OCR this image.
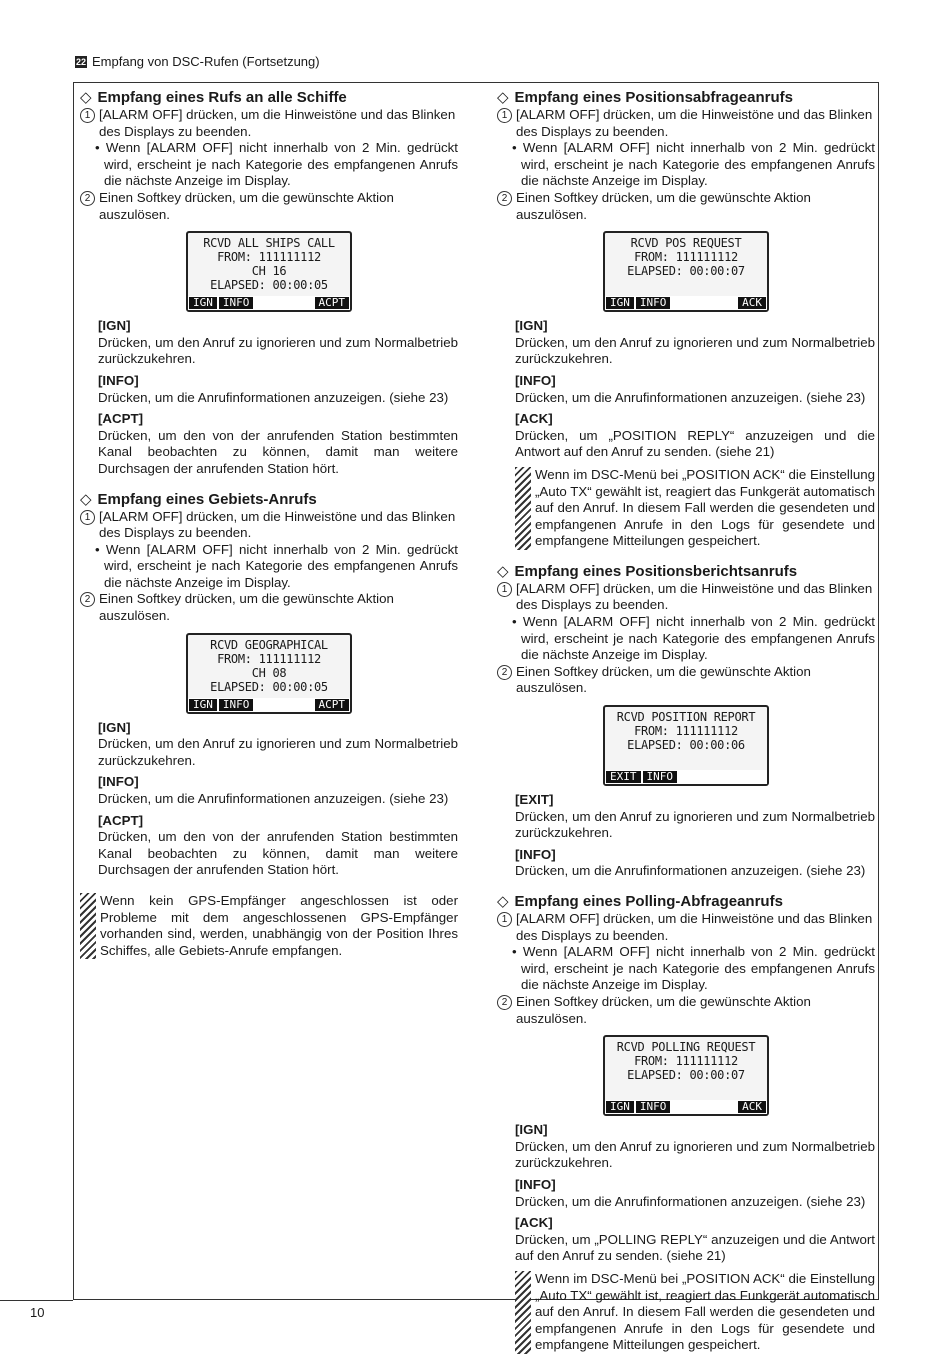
22 Empfang von DSC-Rufen (Fortsetzung)
◇ Empfang eines Rufs an alle Schiffe
1 [ALARM OFF] drücken, um die Hinweistöne und das Blinken des Displays zu beenden.
• Wenn [ALARM OFF] nicht innerhalb von 2 Min. gedrückt wird, erscheint je nach Kategorie des empfangenen Anrufs die nächste Anzeige im Display.
2 Einen Softkey drücken, um die gewünschte Aktion auszulösen.
RCVD ALL SHIPS CALL
FROM: 111111112
CH 16
ELAPSED: 00:00:05
IGN INFO	ACPT
[IGN]
Drücken, um den Anruf zu ignorieren und zum Normalbetrieb zurückzukehren.
[INFO]
Drücken, um die Anrufinformationen anzuzeigen. (siehe 23)
[ACPT]
Drücken, um den von der anrufenden Station bestimmten Kanal beobachten zu können, damit man weitere Durchsagen der anrufenden Station hört.
◇ Empfang eines Gebiets-Anrufs
1 [ALARM OFF] drücken, um die Hinweistöne und das Blinken des Displays zu beenden.
• Wenn [ALARM OFF] nicht innerhalb von 2 Min. gedrückt wird, erscheint je nach Kategorie des empfangenen Anrufs die nächste Anzeige im Display.
2 Einen Softkey drücken, um die gewünschte Aktion auszulösen.
RCVD GEOGRAPHICAL
FROM: 111111112
CH 08
ELAPSED: 00:00:05
IGN INFO	ACPT
[IGN]
Drücken, um den Anruf zu ignorieren und zum Normalbetrieb zurückzukehren.
[INFO]
Drücken, um die Anrufinformationen anzuzeigen. (siehe 23)
[ACPT]
Drücken, um den von der anrufenden Station bestimmten Kanal beobachten zu können, damit man weitere Durchsagen der anrufenden Station hört.
Wenn kein GPS-Empfänger angeschlossen ist oder Probleme mit dem angeschlossenen GPS-Empfänger vorhanden sind, werden, unabhängig von der Position Ihres Schiffes, alle Gebiets-Anrufe empfangen.
◇ Empfang eines Positionsabfrageanrufs
1 [ALARM OFF] drücken, um die Hinweistöne und das Blinken des Displays zu beenden.
• Wenn [ALARM OFF] nicht innerhalb von 2 Min. gedrückt wird, erscheint je nach Kategorie des empfangenen Anrufs die nächste Anzeige im Display.
2 Einen Softkey drücken, um die gewünschte Aktion auszulösen.
RCVD POS REQUEST
FROM: 111111112
ELAPSED: 00:00:07

IGN INFO	ACK
[IGN]
Drücken, um den Anruf zu ignorieren und zum Normalbetrieb zurückzukehren.
[INFO]
Drücken, um die Anrufinformationen anzuzeigen. (siehe 23)
[ACK]
Drücken, um „POSITION REPLY“ anzuzeigen und die Antwort auf den Anruf zu senden. (siehe 21)
Wenn im DSC-Menü bei „POSITION ACK“ die Einstellung „Auto TX“ gewählt ist, reagiert das Funkgerät automatisch auf den Anruf. In diesem Fall werden die gesendeten und empfangenen Anrufe in den Logs für gesendete und empfangene Mitteilungen gespeichert.
◇ Empfang eines Positionsberichtsanrufs
1 [ALARM OFF] drücken, um die Hinweistöne und das Blinken des Displays zu beenden.
• Wenn [ALARM OFF] nicht innerhalb von 2 Min. gedrückt wird, erscheint je nach Kategorie des empfangenen Anrufs die nächste Anzeige im Display.
2 Einen Softkey drücken, um die gewünschte Aktion auszulösen.
RCVD POSITION REPORT
FROM: 111111112
ELAPSED: 00:00:06

EXIT INFO
[EXIT]
Drücken, um den Anruf zu ignorieren und zum Normalbetrieb zurückzukehren.
[INFO]
Drücken, um die Anrufinformationen anzuzeigen. (siehe 23)
◇ Empfang eines Polling-Abfrageanrufs
1 [ALARM OFF] drücken, um die Hinweistöne und das Blinken des Displays zu beenden.
• Wenn [ALARM OFF] nicht innerhalb von 2 Min. gedrückt wird, erscheint je nach Kategorie des empfangenen Anrufs die nächste Anzeige im Display.
2 Einen Softkey drücken, um die gewünschte Aktion auszulösen.
RCVD POLLING REQUEST
FROM: 111111112
ELAPSED: 00:00:07

IGN INFO	ACK
[IGN]
Drücken, um den Anruf zu ignorieren und zum Normalbetrieb zurückzukehren.
[INFO]
Drücken, um die Anrufinformationen anzuzeigen. (siehe 23)
[ACK]
Drücken, um „POLLING REPLY“ anzuzeigen und die Antwort auf den Anruf zu senden. (siehe 21)
Wenn im DSC-Menü bei „POSITION ACK“ die Einstellung „Auto TX“ gewählt ist, reagiert das Funkgerät automatisch auf den Anruf. In diesem Fall werden die gesendeten und empfangenen Anrufe in den Logs für gesendete und empfangene Mitteilungen gespeichert.
10
